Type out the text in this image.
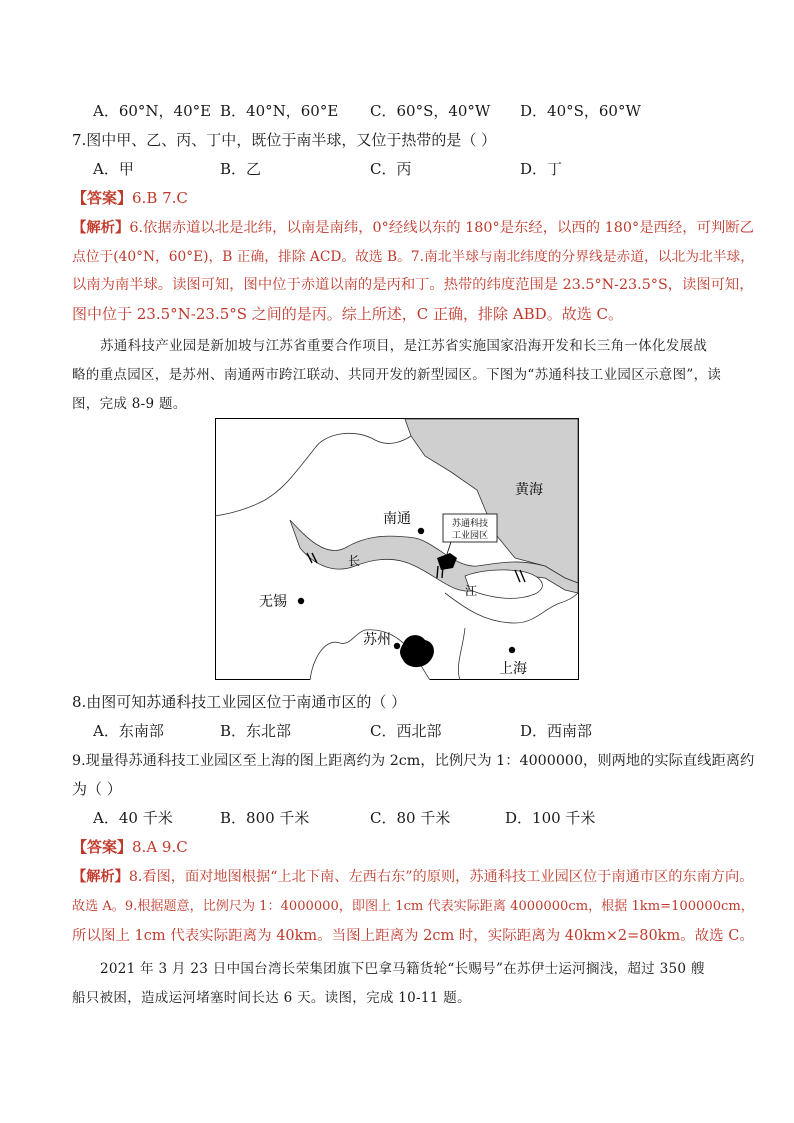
A．60°N，40°E B．40°N，60°E C．60°S，40°W D．40°S，60°W
7.图中甲、乙、丙、丁中，既位于南半球，又位于热带的是（ ）
A．甲	B．乙	C．丙	D．丁
【答案】6.B 7.C
【解析】6.依据赤道以北是北纬，以南是南纬，0°经线以东的 180°是东经，以西的 180°是西经，可判断乙
点位于(40°N，60°E)，B 正确，排除 ACD。故选 B。7.南北半球与南北纬度的分界线是赤道，以北为北半球，
以南为南半球。读图可知，图中位于赤道以南的是丙和丁。热带的纬度范围是 23.5°N-23.5°S，读图可知，
图中位于 23.5°N-23.5°S 之间的是丙。综上所述，C 正确，排除 ABD。故选 C。
苏通科技产业园是新加坡与江苏省重要合作项目，是江苏省实施国家沿海开发和长三角一体化发展战
略的重点园区，是苏州、南通两市跨江联动、共同开发的新型园区。下图为“苏通科技工业园区示意图”，读
图，完成 8-9 题。
苏通科技
工业园区
黄海
南通
长
江
无锡
苏州
上海
8.由图可知苏通科技工业园区位于南通市区的（ ）
A．东南部	B．东北部	C．西北部	D．西南部
9.现量得苏通科技工业园区至上海的图上距离约为 2cm，比例尺为 1：4000000，则两地的实际直线距离约
为（ ）
A．40 千米	B．800 千米	C．80 千米	D．100 千米
【答案】8.A 9.C
【解析】8.看图，面对地图根据“上北下南、左西右东”的原则，苏通科技工业园区位于南通市区的东南方向。
故选 A。9.根据题意，比例尺为 1：4000000，即图上 1cm 代表实际距离 4000000cm，根据 1km=100000cm，
所以图上 1cm 代表实际距离为 40km。当图上距离为 2cm 时，实际距离为 40km×2=80km。故选 C。
2021 年 3 月 23 日中国台湾长荣集团旗下巴拿马籍货轮“长赐号”在苏伊士运河搁浅，超过 350 艘
船只被困，造成运河堵塞时间长达 6 天。读图，完成 10-11 题。
